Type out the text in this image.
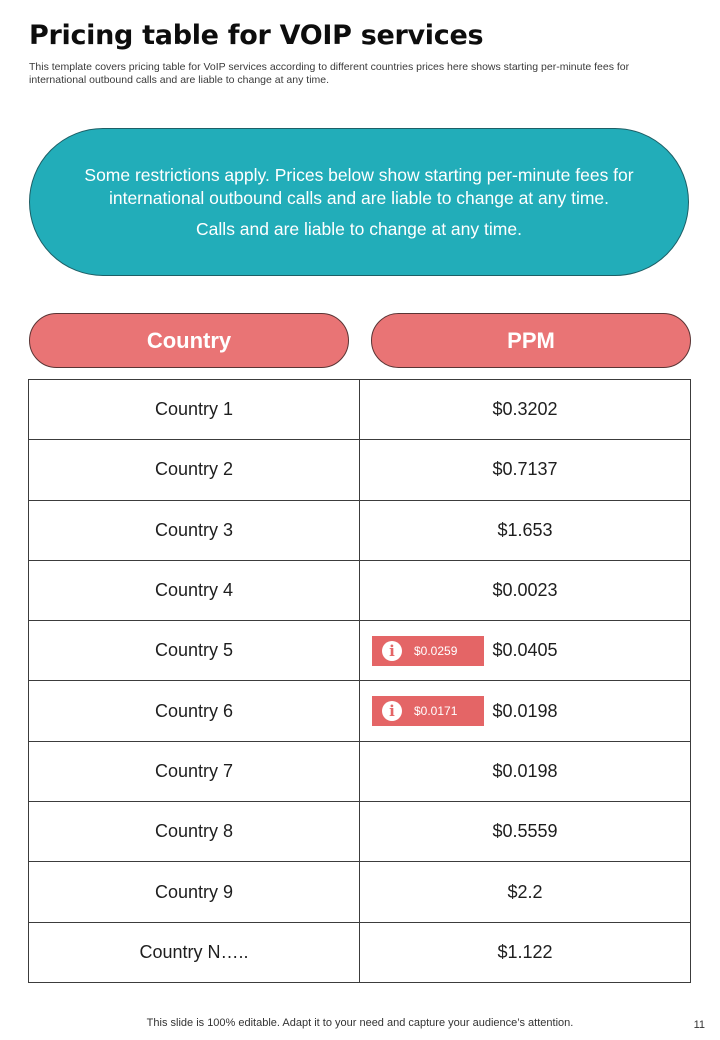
Pricing table for VOIP services

This template covers pricing table for VoIP services according to different countries prices here shows starting per-minute fees for international outbound calls and are liable to change at any time.

Some restrictions apply. Prices below show starting per-minute fees for international outbound calls and are liable to change at any time.

Calls and are liable to change at any time.

Country	PPM
Country 1	$0.3202
Country 2	$0.7137
Country 3	$1.653
Country 4	$0.0023
Country 5	i $0.0259 $0.0405
Country 6	i $0.0171 $0.0198
Country 7	$0.0198
Country 8	$0.5559
Country 9	$2.2
Country N…..	$1.122
This slide is 100% editable. Adapt it to your need and capture your audience’s attention.	11
